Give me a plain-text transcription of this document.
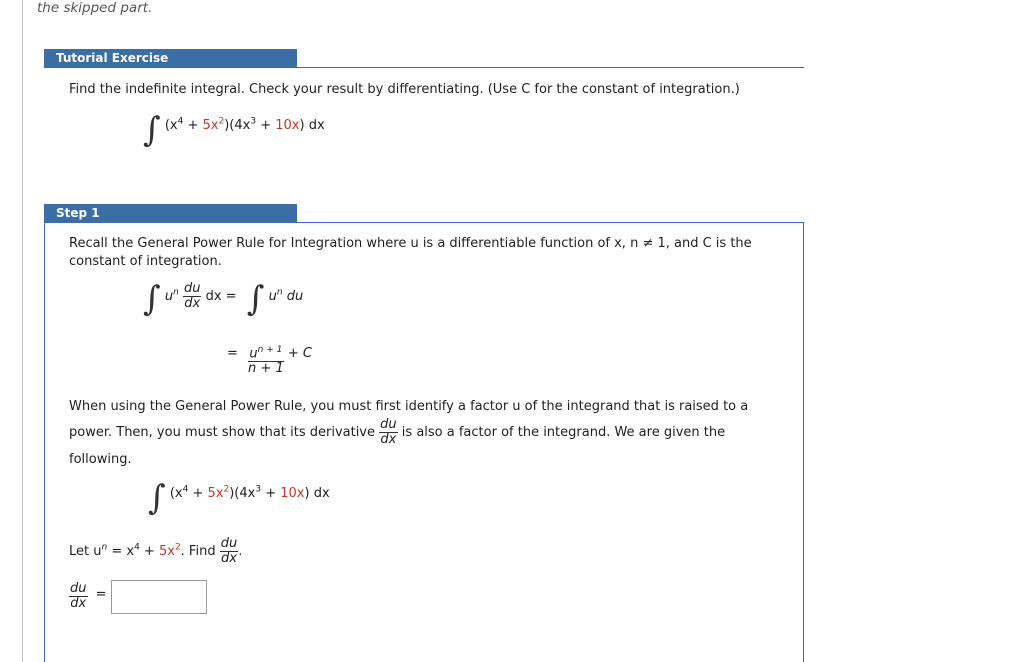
the skipped part.
Tutorial Exercise
Find the indefinite integral. Check your result by differentiating. (Use C for the constant of integration.)
∫ $(x^4 + 5x^2)(4x^3 + 10x)$ dx
Step 1
Recall the General Power Rule for Integration where u is a differentiable function of x, n ≠ 1, and C is the
constant of integration.
∫ $u^n \frac{du}{dx}$ dx = ∫ $u^n$ du
= $\frac{u^{n + 1}}{n + 1} + C$
When using the General Power Rule, you must first identify a factor u of the integrand that is raised to a
power. Then, you must show that its derivative $\frac{du}{dx}$ is also a factor of the integrand. We are given the
following.
∫ $(x^4 + 5x^2)(4x^3 + 10x)$ dx
Let $u^n = x^4 + 5x^2$. Find $\frac{du}{dx}$ .
$\frac{du}{dx}$ =
